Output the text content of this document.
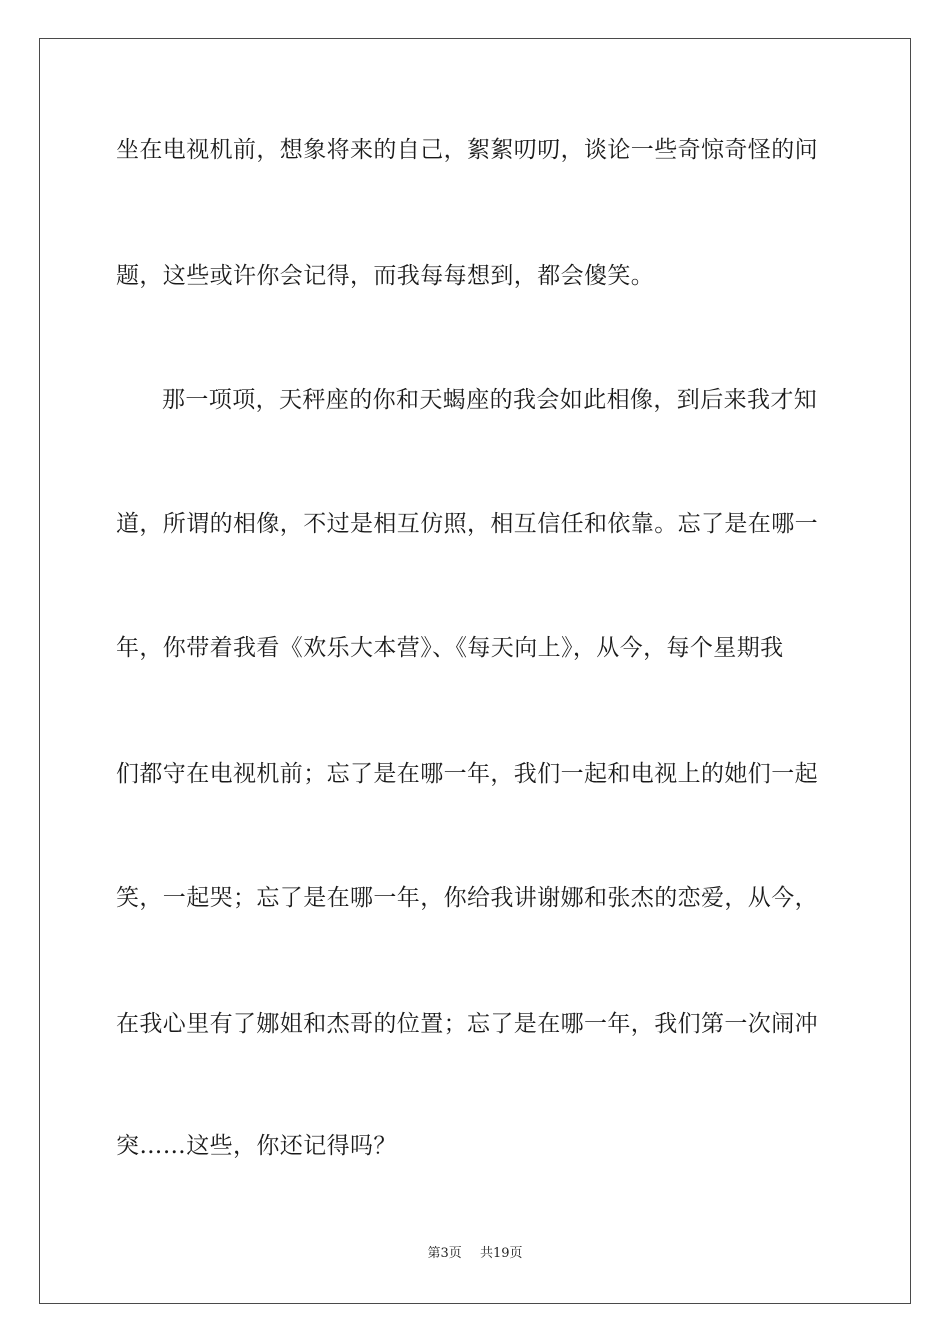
坐在电视机前，想象将来的自己，絮絮叨叨，谈论一些奇惊奇怪的问
题，这些或许你会记得，而我每每想到，都会傻笑。
那一项项，天秤座的你和天蝎座的我会如此相像，到后来我才知
道，所谓的相像，不过是相互仿照，相互信任和依靠。忘了是在哪一
年，你带着我看《欢乐大本营》、《每天向上》，从今，每个星期我
们都守在电视机前；忘了是在哪一年，我们一起和电视上的她们一起
笑，一起哭；忘了是在哪一年，你给我讲谢娜和张杰的恋爱，从今，
在我心里有了娜姐和杰哥的位置；忘了是在哪一年，我们第一次闹冲
突……这些，你还记得吗？
第3页 共19页
